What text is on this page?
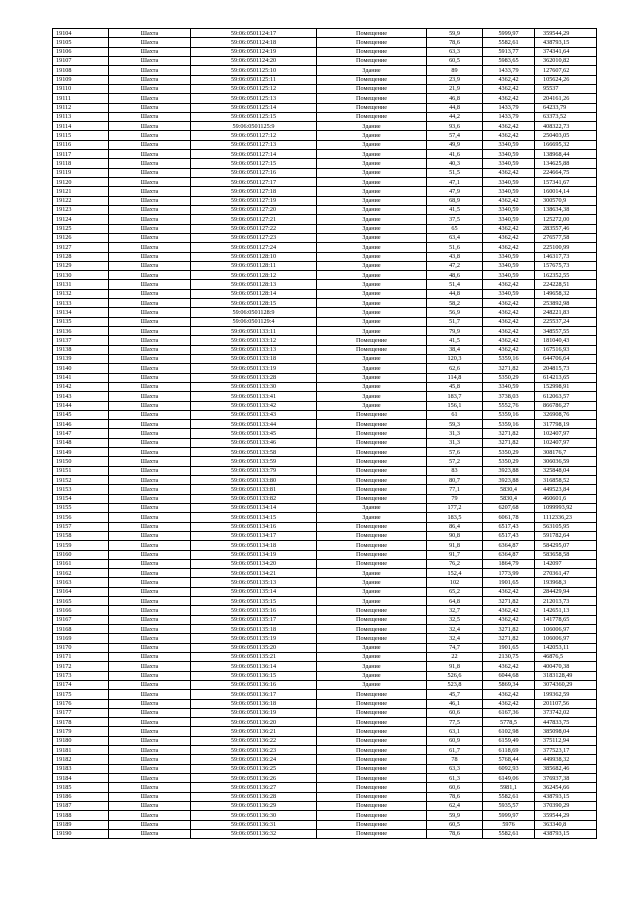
19104	Шахта	59:06:0501124:17	Помещение	59,9	5999,97	359544,29
19105	Шахта	59:06:0501124:18	Помещение	78,6	5582,61	438793,15
19106	Шахта	59:06:0501124:19	Помещение	63,3	5913,77	374341,64
19107	Шахта	59:06:0501124:20	Помещение	60,5	5983,65	362010,82
19108	Шахта	59:06:0501125:10	Здание	89	1433,79	127607,62
19109	Шахта	59:06:0501125:11	Помещение	23,9	4362,42	105624,26
19110	Шахта	59:06:0501125:12	Помещение	21,9	4362,42	95537
19111	Шахта	59:06:0501125:13	Помещение	46,8	4362,42	204161,26
19112	Шахта	59:06:0501125:14	Помещение	44,8	1433,79	64233,79
19113	Шахта	59:06:0501125:15	Помещение	44,2	1433,79	63373,52
19114	Шахта	59:06:0501125:9	Здание	93,6	4362,42	408322,73
19115	Шахта	59:06:0501127:12	Здание	57,4	4362,42	250403,05
19116	Шахта	59:06:0501127:13	Здание	49,9	3340,59	166695,32
19117	Шахта	59:06:0501127:14	Здание	41,6	3340,59	138968,44
19118	Шахта	59:06:0501127:15	Здание	40,3	3340,59	134625,88
19119	Шахта	59:06:0501127:16	Здание	51,5	4362,42	224664,75
19120	Шахта	59:06:0501127:17	Здание	47,1	3340,59	157341,67
19121	Шахта	59:06:0501127:18	Здание	47,9	3340,59	160014,14
19122	Шахта	59:06:0501127:19	Здание	68,9	4362,42	300570,9
19123	Шахта	59:06:0501127:20	Здание	41,5	3340,59	138634,38
19124	Шахта	59:06:0501127:21	Здание	37,5	3340,59	125272,00
19125	Шахта	59:06:0501127:22	Здание	65	4362,42	283557,46
19126	Шахта	59:06:0501127:23	Здание	63,4	4362,42	276577,58
19127	Шахта	59:06:0501127:24	Здание	51,6	4362,42	225100,99
19128	Шахта	59:06:0501128:10	Здание	43,8	3340,59	146317,73
19129	Шахта	59:06:0501128:11	Здание	47,2	3340,59	157675,73
19130	Шахта	59:06:0501128:12	Здание	48,6	3340,59	162352,55
19131	Шахта	59:06:0501128:13	Здание	51,4	4362,42	224228,51
19132	Шахта	59:06:0501128:14	Здание	44,8	3340,59	149658,32
19133	Шахта	59:06:0501128:15	Здание	58,2	4362,42	253892,98
19134	Шахта	59:06:0501128:9	Здание	56,9	4362,42	248221,83
19135	Шахта	59:06:0501129:4	Здание	51,7	4362,42	225537,24
19136	Шахта	59:06:0501133:11	Здание	79,9	4362,42	348557,55
19137	Шахта	59:06:0501133:12	Помещение	41,5	4362,42	181040,43
19138	Шахта	59:06:0501133:13	Помещение	38,4	4362,42	167516,93
19139	Шахта	59:06:0501133:18	Здание	120,3	5359,16	644706,64
19140	Шахта	59:06:0501133:19	Здание	62,6	3271,82	204815,73
19141	Шахта	59:06:0501133:28	Здание	114,8	5350,29	614213,65
19142	Шахта	59:06:0501133:30	Здание	45,8	3340,59	152998,91
19143	Шахта	59:06:0501133:41	Здание	183,7	3738,03	612063,57
19144	Шахта	59:06:0501133:42	Здание	156,1	5552,76	866786,27
19145	Шахта	59:06:0501133:43	Помещение	61	5359,16	326908,76
19146	Шахта	59:06:0501133:44	Помещение	59,3	5359,16	317798,19
19147	Шахта	59:06:0501133:45	Помещение	31,3	3271,82	102407,97
19148	Шахта	59:06:0501133:46	Помещение	31,3	3271,82	102407,97
19149	Шахта	59:06:0501133:58	Помещение	57,6	5350,29	308176,7
19150	Шахта	59:06:0501133:59	Помещение	57,2	5350,29	306036,59
19151	Шахта	59:06:0501133:79	Помещение	83	3923,88	325848,04
19152	Шахта	59:06:0501133:80	Помещение	80,7	3923,88	316858,52
19153	Шахта	59:06:0501133:81	Помещение	77,1	5830,4	449523,84
19154	Шахта	59:06:0501133:82	Помещение	79	5830,4	460601,6
19155	Шахта	59:06:0501134:14	Здание	177,2	6207,68	1099993,92
19156	Шахта	59:06:0501134:15	Здание	183,5	6061,78	1112336,23
19157	Шахта	59:06:0501134:16	Помещение	86,4	6517,43	563105,95
19158	Шахта	59:06:0501134:17	Помещение	90,8	6517,43	591782,64
19159	Шахта	59:06:0501134:18	Помещение	91,8	6364,87	584295,07
19160	Шахта	59:06:0501134:19	Помещение	91,7	6364,87	583658,58
19161	Шахта	59:06:0501134:20	Помещение	76,2	1864,79	142097
19162	Шахта	59:06:0501134:21	Здание	152,4	1773,99	270361,47
19163	Шахта	59:06:0501135:13	Здание	102	1901,65	193968,3
19164	Шахта	59:06:0501135:14	Здание	65,2	4362,42	284429,94
19165	Шахта	59:06:0501135:15	Здание	64,8	3271,82	212013,73
19166	Шахта	59:06:0501135:16	Помещение	32,7	4362,42	142651,13
19167	Шахта	59:06:0501135:17	Помещение	32,5	4362,42	141778,65
19168	Шахта	59:06:0501135:18	Помещение	32,4	3271,82	106006,97
19169	Шахта	59:06:0501135:19	Помещение	32,4	3271,82	106006,97
19170	Шахта	59:06:0501135:20	Здание	74,7	1901,65	142053,11
19171	Шахта	59:06:0501135:21	Здание	22	2130,75	46876,5
19172	Шахта	59:06:0501136:14	Здание	91,8	4362,42	400470,38
19173	Шахта	59:06:0501136:15	Здание	526,6	6044,68	3183128,49
19174	Шахта	59:06:0501136:16	Здание	523,8	5869,34	3074360,29
19175	Шахта	59:06:0501136:17	Помещение	45,7	4362,42	199362,59
19176	Шахта	59:06:0501136:18	Помещение	46,1	4362,42	201107,56
19177	Шахта	59:06:0501136:19	Помещение	60,6	6167,36	373742,02
19178	Шахта	59:06:0501136:20	Помещение	77,5	5778,5	447833,75
19179	Шахта	59:06:0501136:21	Помещение	63,1	6102,98	385098,04
19180	Шахта	59:06:0501136:22	Помещение	60,9	6159,49	375112,94
19181	Шахта	59:06:0501136:23	Помещение	61,7	6118,69	377523,17
19182	Шахта	59:06:0501136:24	Помещение	78	5768,44	449938,32
19183	Шахта	59:06:0501136:25	Помещение	63,3	6092,93	385682,46
19184	Шахта	59:06:0501136:26	Помещение	61,3	6149,06	376937,38
19185	Шахта	59:06:0501136:27	Помещение	60,6	5981,1	362454,66
19186	Шахта	59:06:0501136:28	Помещение	78,6	5582,61	438793,15
19187	Шахта	59:06:0501136:29	Помещение	62,4	5935,57	370390,29
19188	Шахта	59:06:0501136:30	Помещение	59,9	5999,97	359544,29
19189	Шахта	59:06:0501136:31	Помещение	60,5	5976	363340,8
19190	Шахта	59:06:0501136:32	Помещение	78,6	5582,61	438793,15
